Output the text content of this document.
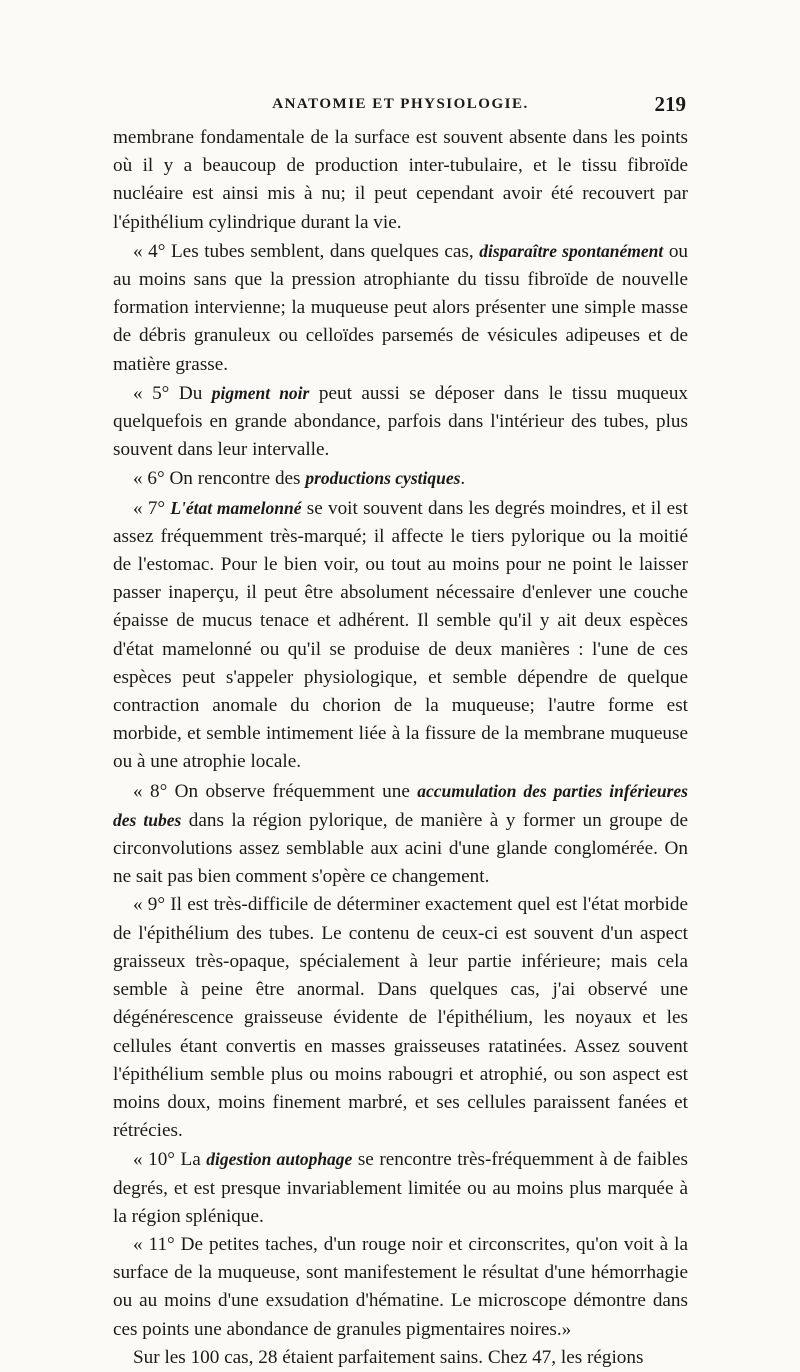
ANATOMIE ET PHYSIOLOGIE.	219

membrane fondamentale de la surface est souvent absente dans les points où il y a beaucoup de production inter-tubulaire, et le tissu fibroïde nucléaire est ainsi mis à nu; il peut cependant avoir été recouvert par l'épithélium cylindrique durant la vie.

« 4° Les tubes semblent, dans quelques cas, disparaître spontanément ou au moins sans que la pression atrophiante du tissu fibroïde de nouvelle formation intervienne; la muqueuse peut alors présenter une simple masse de débris granuleux ou celloïdes parsemés de vésicules adipeuses et de matière grasse.

« 5° Du pigment noir peut aussi se déposer dans le tissu muqueux quelquefois en grande abondance, parfois dans l'intérieur des tubes, plus souvent dans leur intervalle.

« 6° On rencontre des productions cystiques.

« 7° L'état mamelonné se voit souvent dans les degrés moindres, et il est assez fréquemment très-marqué; il affecte le tiers pylorique ou la moitié de l'estomac. Pour le bien voir, ou tout au moins pour ne point le laisser passer inaperçu, il peut être absolument nécessaire d'enlever une couche épaisse de mucus tenace et adhérent. Il semble qu'il y ait deux espèces d'état mamelonné ou qu'il se produise de deux manières : l'une de ces espèces peut s'appeler physiologique, et semble dépendre de quelque contraction anomale du chorion de la muqueuse; l'autre forme est morbide, et semble intimement liée à la fissure de la membrane muqueuse ou à une atrophie locale.

« 8° On observe fréquemment une accumulation des parties inférieures des tubes dans la région pylorique, de manière à y former un groupe de circonvolutions assez semblable aux acini d'une glande conglomérée. On ne sait pas bien comment s'opère ce changement.

« 9° Il est très-difficile de déterminer exactement quel est l'état morbide de l'épithélium des tubes. Le contenu de ceux-ci est souvent d'un aspect graisseux très-opaque, spécialement à leur partie inférieure; mais cela semble à peine être anormal. Dans quelques cas, j'ai observé une dégénérescence graisseuse évidente de l'épithélium, les noyaux et les cellules étant convertis en masses graisseuses ratatinées. Assez souvent l'épithélium semble plus ou moins rabougri et atrophié, ou son aspect est moins doux, moins finement marbré, et ses cellules paraissent fanées et rétrécies.

« 10° La digestion autophage se rencontre très-fréquemment à de faibles degrés, et est presque invariablement limitée ou au moins plus marquée à la région splénique.

« 11° De petites taches, d'un rouge noir et circonscrites, qu'on voit à la surface de la muqueuse, sont manifestement le résultat d'une hémorrhagie ou au moins d'une exsudation d'hématine. Le microscope démontre dans ces points une abondance de granules pigmentaires noires.»

Sur les 100 cas, 28 étaient parfaitement sains. Chez 47, les régions
